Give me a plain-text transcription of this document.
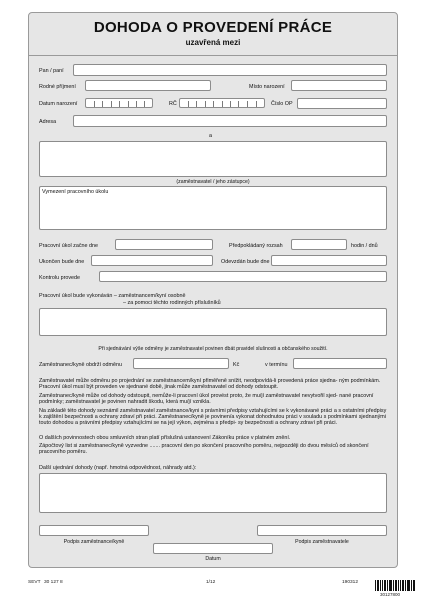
DOHODA O PROVEDENÍ PRÁCE
uzavřená mezi
Pan / paní
Rodné příjmení	Místo narození
Datum narození	RČ	Číslo OP
Adresa
a
(zaměstnavatel / jeho zástupce)
Vymezení pracovního úkolu
Pracovní úkol začne dne	Předpokládaný rozsah	hodin / dnů
Ukončen bude dne	Odevzdán bude dne
Kontrolu provede
Pracovní úkol bude vykonáván – zaměstnancem/kyní osobně
– za pomoci těchto rodinných příslušníků
Při sjednávání výše odměny je zaměstnavatel povinen dbát pravidel slušnosti a občanského soužití.
Zaměstnanec/kyně obdrží odměnu	Kč	v termínu
Zaměstnavatel může odměnu po projednání se zaměstnancem/kyní přiměřeně snížit, neodpovídá-li provedená práce sjedna- ným podmínkám. Pracovní úkol musí být proveden ve sjednané době, jinak může zaměstnavatel od dohody odstoupit.
Zaměstnanec/kyně může od dohody odstoupit, nemůže-li pracovní úkol provést proto, že mu/jí zaměstnavatel nevytvořil sjed- nané pracovní podmínky; zaměstnavatel je povinen nahradit škodu, která mu/jí vznikla.
Na základě této dohody seznámil zaměstnavatel zaměstnance/kyni s právními předpisy vztahujícími se k vykonávané práci a s ostatními předpisy k zajištění bezpečnosti a ochrany zdraví při práci. Zaměstnanec/kyně je povinen/a vykonat dohodnutou práci v souladu s podmínkami sjednanými touto dohodou a právními předpisy vztahujícími se na její výkon, zejména s předpi- sy bezpečnosti a ochrany zdraví při práci.
O dalších povinnostech obou smluvních stran platí příslušná ustanovení Zákoníku práce v platném znění.
Zápočtový list si zaměstnanec/kyně vyzvedne ....... pracovní den po skončení pracovního poměru, nejpozději do dvou měsíců od skončení pracovního poměru.
Další ujednání dohody (např. hmotná odpovědnost, náhrady atd.):
Podpis zaměstnance/kyně	Podpis zaměstnavatele
Datum
SEVT 30 127 8	1/12	190312
30127800
